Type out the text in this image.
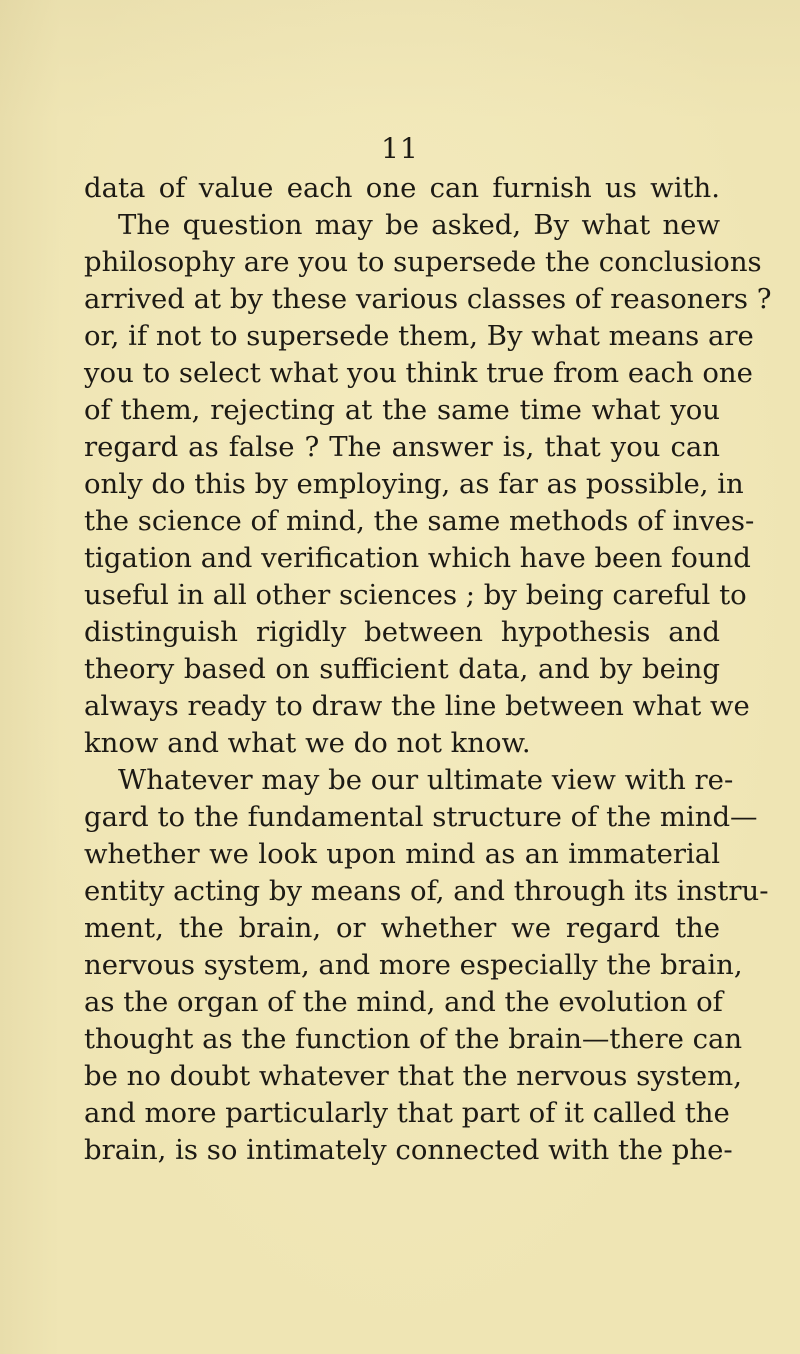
11
data of value each one can furnish us with.
The question may be asked, By what new
philosophy are you to supersede the conclusions
arrived at by these various classes of reasoners ?
or, if not to supersede them, By what means are
you to select what you think true from each one
of them, rejecting at the same time what you
regard as false ? The answer is, that you can
only do this by employing, as far as possible, in
the science of mind, the same methods of inves-
tigation and verification which have been found
useful in all other sciences ; by being careful to
distinguish rigidly between hypothesis and
theory based on sufficient data, and by being
always ready to draw the line between what we
know and what we do not know.
Whatever may be our ultimate view with re-
gard to the fundamental structure of the mind—
whether we look upon mind as an immaterial
entity acting by means of, and through its instru-
ment, the brain, or whether we regard the
nervous system, and more especially the brain,
as the organ of the mind, and the evolution of
thought as the function of the brain—there can
be no doubt whatever that the nervous system,
and more particularly that part of it called the
brain, is so intimately connected with the phe-
